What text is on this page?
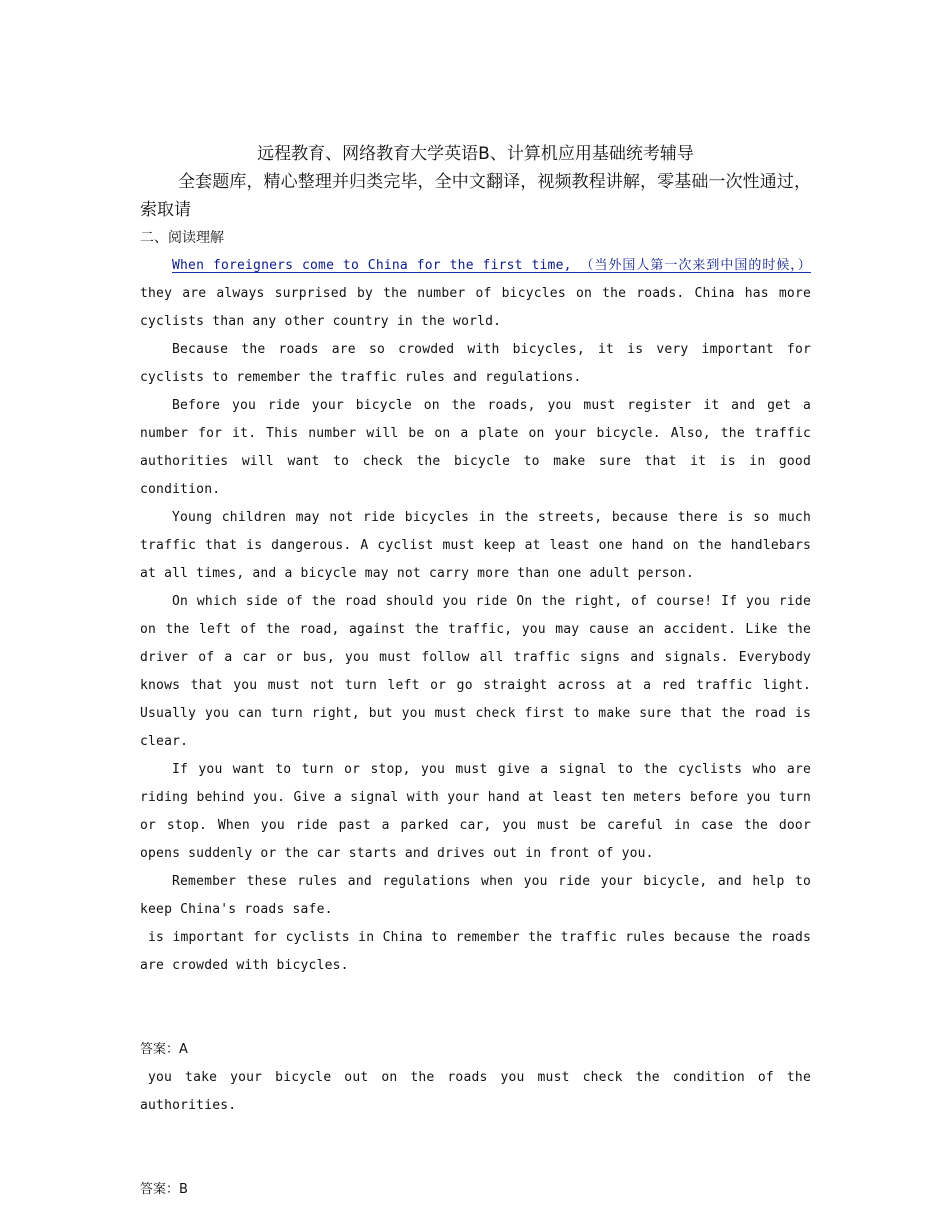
远程教育、网络教育大学英语B、计算机应用基础统考辅导

全套题库，精心整理并归类完毕，全中文翻译，视频教程讲解，零基础一次性通过，索取请

二、阅读理解

When foreigners come to China for the first time, （当外国人第一次来到中国的时候，） they are always surprised by the number of bicycles on the roads. China has more cyclists than any other country in the world.

Because the roads are so crowded with bicycles, it is very important for cyclists to remember the traffic rules and regulations.

Before you ride your bicycle on the roads, you must register it and get a number for it. This number will be on a plate on your bicycle. Also, the traffic authorities will want to check the bicycle to make sure that it is in good condition.

Young children may not ride bicycles in the streets, because there is so much traffic that is dangerous. A cyclist must keep at least one hand on the handlebars at all times, and a bicycle may not carry more than one adult person.

On which side of the road should you ride On the right, of course! If you ride on the left of the road, against the traffic, you may cause an accident. Like the driver of a car or bus, you must follow all traffic signs and signals. Everybody knows that you must not turn left or go straight across at a red traffic light. Usually you can turn right, but you must check first to make sure that the road is clear.

If you want to turn or stop, you must give a signal to the cyclists who are riding behind you. Give a signal with your hand at least ten meters before you turn or stop. When you ride past a parked car, you must be careful in case the door opens suddenly or the car starts and drives out in front of you.

Remember these rules and regulations when you ride your bicycle, and help to keep China's roads safe.

is important for cyclists in China to remember the traffic rules because the roads are crowded with bicycles.

答案：A

you take your bicycle out on the roads you must check the condition of the authorities.

答案：B
